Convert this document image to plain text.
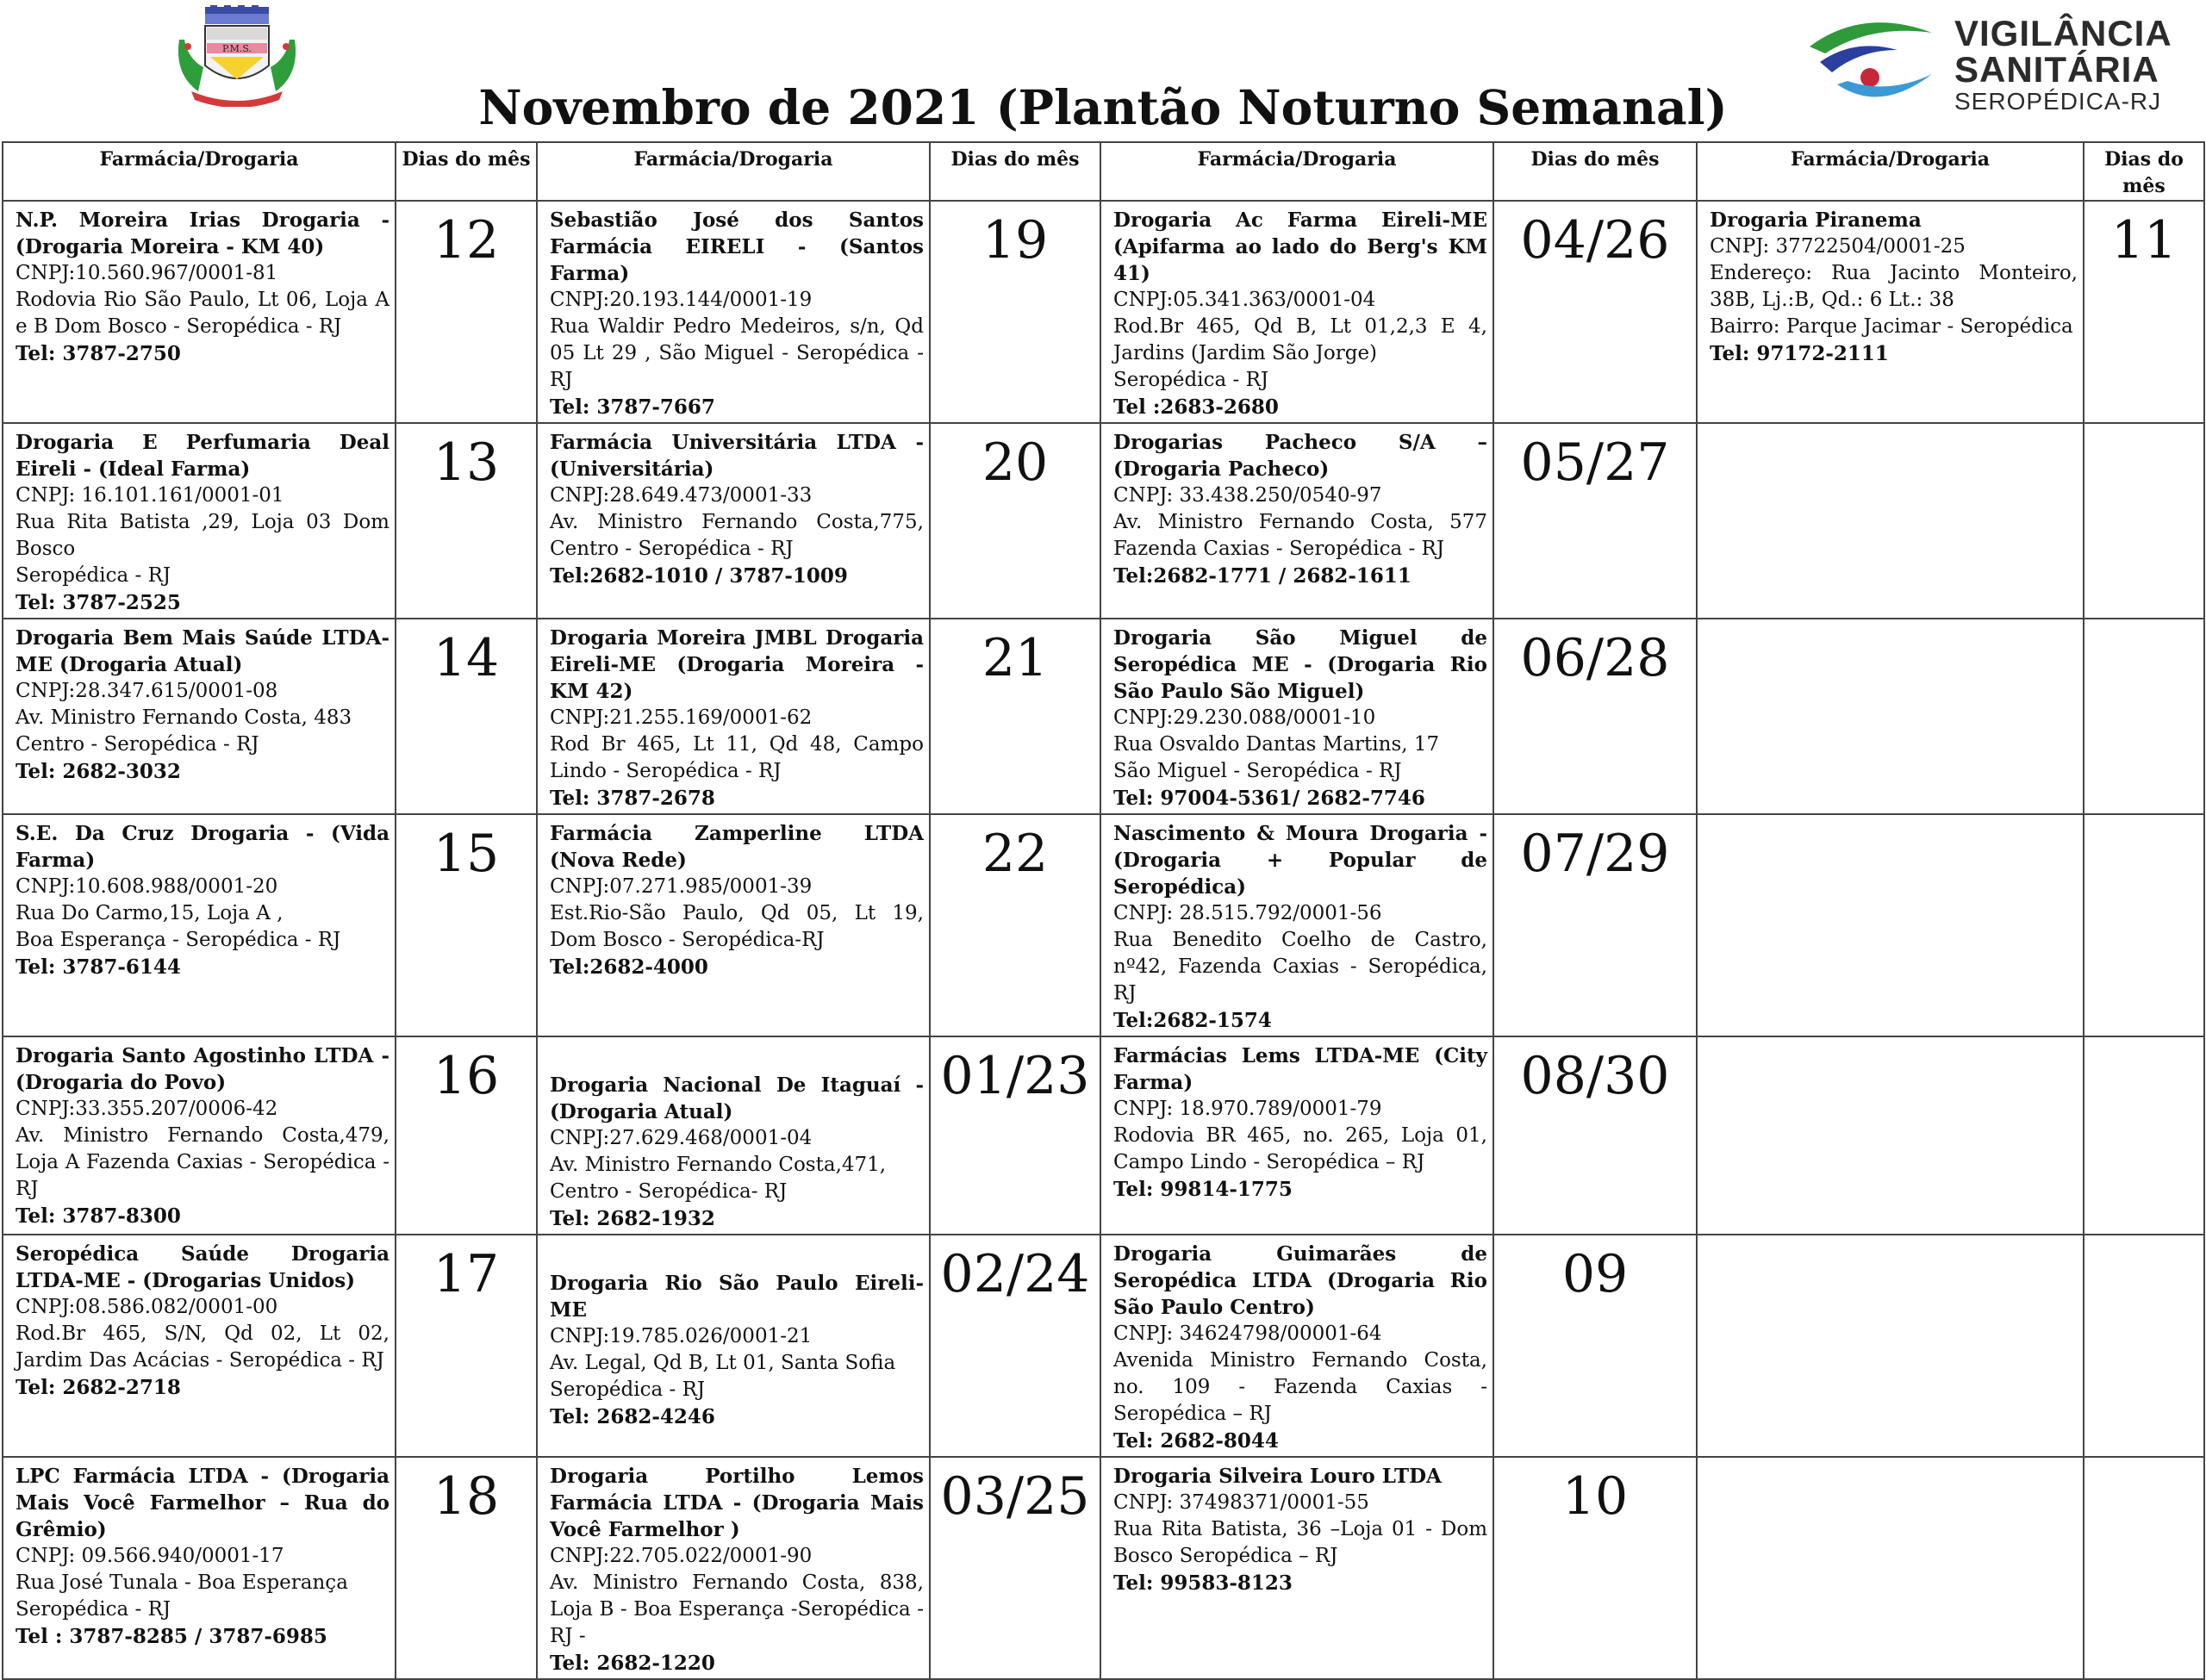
P.M.S.	VIGILÂNCIA
SANITÁRIA
SEROPÉDICA-RJ
Novembro de 2021 (Plantão Noturno Semanal)
Farmácia/Drogaria	Dias do mês	Farmácia/Drogaria	Dias do mês	Farmácia/Drogaria	Dias do mês	Farmácia/Drogaria	Dias do mês

N.P. Moreira Irias Drogaria - (Drogaria Moreira - KM 40)
CNPJ:10.560.967/0001-81
Rodovia Rio São Paulo, Lt 06, Loja A e B Dom Bosco - Seropédica - RJ
Tel: 3787-2750	12	Sebastião José dos Santos Farmácia EIRELI - (Santos Farma)
CNPJ:20.193.144/0001-19
Rua Waldir Pedro Medeiros, s/n, Qd 05 Lt 29 , São Miguel - Seropédica - RJ
Tel: 3787-7667	19	Drogaria Ac Farma Eireli-ME (Apifarma ao lado do Berg's KM 41)
CNPJ:05.341.363/0001-04
Rod.Br 465, Qd B, Lt 01,2,3 E 4, Jardins (Jardim São Jorge)
Seropédica - RJ
Tel :2683-2680	04/26	Drogaria Piranema
CNPJ: 37722504/0001-25
Endereço: Rua Jacinto Monteiro, 38B, Lj.:B, Qd.: 6 Lt.: 38
Bairro: Parque Jacimar - Seropédica
Tel: 97172-2111	11

Drogaria E Perfumaria Deal Eireli - (Ideal Farma)
CNPJ: 16.101.161/0001-01
Rua Rita Batista ,29, Loja 03 Dom Bosco
Seropédica - RJ
Tel: 3787-2525	13	Farmácia Universitária LTDA - (Universitária)
CNPJ:28.649.473/0001-33
Av. Ministro Fernando Costa,775, Centro - Seropédica - RJ
Tel:2682-1010 / 3787-1009	20	Drogarias Pacheco S/A – (Drogaria Pacheco)
CNPJ: 33.438.250/0540-97
Av. Ministro Fernando Costa, 577 Fazenda Caxias - Seropédica - RJ
Tel:2682-1771 / 2682-1611	05/27		

Drogaria Bem Mais Saúde LTDA-ME (Drogaria Atual)
CNPJ:28.347.615/0001-08
Av. Ministro Fernando Costa, 483
Centro - Seropédica - RJ
Tel: 2682-3032	14	Drogaria Moreira JMBL Drogaria Eireli-ME (Drogaria Moreira - KM 42)
CNPJ:21.255.169/0001-62
Rod Br 465, Lt 11, Qd 48, Campo Lindo - Seropédica - RJ
Tel: 3787-2678	21	Drogaria São Miguel de Seropédica ME - (Drogaria Rio São Paulo São Miguel)
CNPJ:29.230.088/0001-10
Rua Osvaldo Dantas Martins, 17
São Miguel - Seropédica - RJ
Tel: 97004-5361/ 2682-7746	06/28		

S.E. Da Cruz Drogaria - (Vida Farma)
CNPJ:10.608.988/0001-20
Rua Do Carmo,15, Loja A ,
Boa Esperança - Seropédica - RJ
Tel: 3787-6144	15	Farmácia Zamperline LTDA (Nova Rede)
CNPJ:07.271.985/0001-39
Est.Rio-São Paulo, Qd 05, Lt 19, Dom Bosco - Seropédica-RJ
Tel:2682-4000	22	Nascimento & Moura Drogaria - (Drogaria + Popular de Seropédica)
CNPJ: 28.515.792/0001-56
Rua Benedito Coelho de Castro, nº42, Fazenda Caxias - Seropédica, RJ
Tel:2682-1574	07/29		

Drogaria Santo Agostinho LTDA - (Drogaria do Povo)
CNPJ:33.355.207/0006-42
Av. Ministro Fernando Costa,479, Loja A Fazenda Caxias - Seropédica - RJ
Tel: 3787-8300	16	Drogaria Nacional De Itaguaí - (Drogaria Atual)
CNPJ:27.629.468/0001-04
Av. Ministro Fernando Costa,471,
Centro - Seropédica- RJ
Tel: 2682-1932	01/23	Farmácias Lems LTDA-ME (City Farma)
CNPJ: 18.970.789/0001-79
Rodovia BR 465, no. 265, Loja 01, Campo Lindo - Seropédica – RJ
Tel: 99814-1775	08/30		

Seropédica Saúde Drogaria LTDA-ME - (Drogarias Unidos)
CNPJ:08.586.082/0001-00
Rod.Br 465, S/N, Qd 02, Lt 02, Jardim Das Acácias - Seropédica - RJ
Tel: 2682-2718	17	Drogaria Rio São Paulo Eireli- ME
CNPJ:19.785.026/0001-21
Av. Legal, Qd B, Lt 01, Santa Sofia
Seropédica - RJ
Tel: 2682-4246	02/24	Drogaria Guimarães de Seropédica LTDA (Drogaria Rio São Paulo Centro)
CNPJ: 34624798/00001-64
Avenida Ministro Fernando Costa, no. 109 - Fazenda Caxias - Seropédica – RJ
Tel: 2682-8044	09		

LPC Farmácia LTDA - (Drogaria Mais Você Farmelhor – Rua do Grêmio)
CNPJ: 09.566.940/0001-17
Rua José Tunala - Boa Esperança
Seropédica - RJ
Tel : 3787-8285 / 3787-6985	18	Drogaria Portilho Lemos Farmácia LTDA - (Drogaria Mais Você Farmelhor )
CNPJ:22.705.022/0001-90
Av. Ministro Fernando Costa, 838, Loja B - Boa Esperança -Seropédica - RJ -
Tel: 2682-1220	03/25	Drogaria Silveira Louro LTDA
CNPJ: 37498371/0001-55
Rua Rita Batista, 36 –Loja 01 - Dom Bosco Seropédica – RJ
Tel: 99583-8123	10		
